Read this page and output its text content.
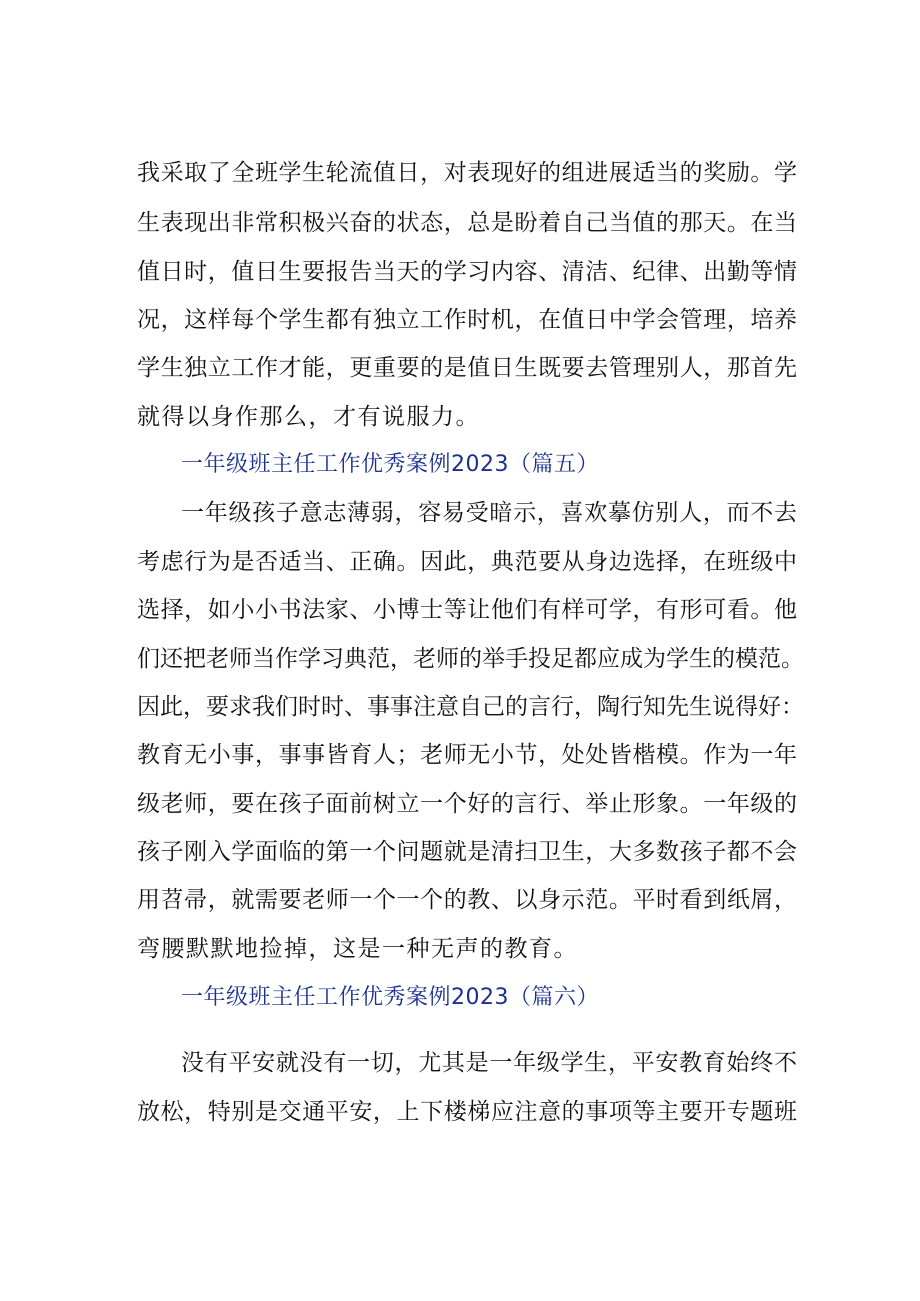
我采取了全班学生轮流值日，对表现好的组进展适当的奖励。学
生表现出非常积极兴奋的状态，总是盼着自己当值的那天。在当
值日时，值日生要报告当天的学习内容、清洁、纪律、出勤等情
况，这样每个学生都有独立工作时机，在值日中学会管理，培养
学生独立工作才能，更重要的是值日生既要去管理别人，那首先
就得以身作那么，才有说服力。
一年级班主任工作优秀案例2023（篇五）
一年级孩子意志薄弱，容易受暗示，喜欢摹仿别人，而不去
考虑行为是否适当、正确。因此，典范要从身边选择，在班级中
选择，如小小书法家、小博士等让他们有样可学，有形可看。他
们还把老师当作学习典范，老师的举手投足都应成为学生的模范。
因此，要求我们时时、事事注意自己的言行，陶行知先生说得好：
教育无小事，事事皆育人；老师无小节，处处皆楷模。作为一年
级老师，要在孩子面前树立一个好的言行、举止形象。一年级的
孩子刚入学面临的第一个问题就是清扫卫生，大多数孩子都不会
用苕帚，就需要老师一个一个的教、以身示范。平时看到纸屑，
弯腰默默地捡掉，这是一种无声的教育。
一年级班主任工作优秀案例2023（篇六）
没有平安就没有一切，尤其是一年级学生，平安教育始终不
放松，特别是交通平安，上下楼梯应注意的事项等主要开专题班
